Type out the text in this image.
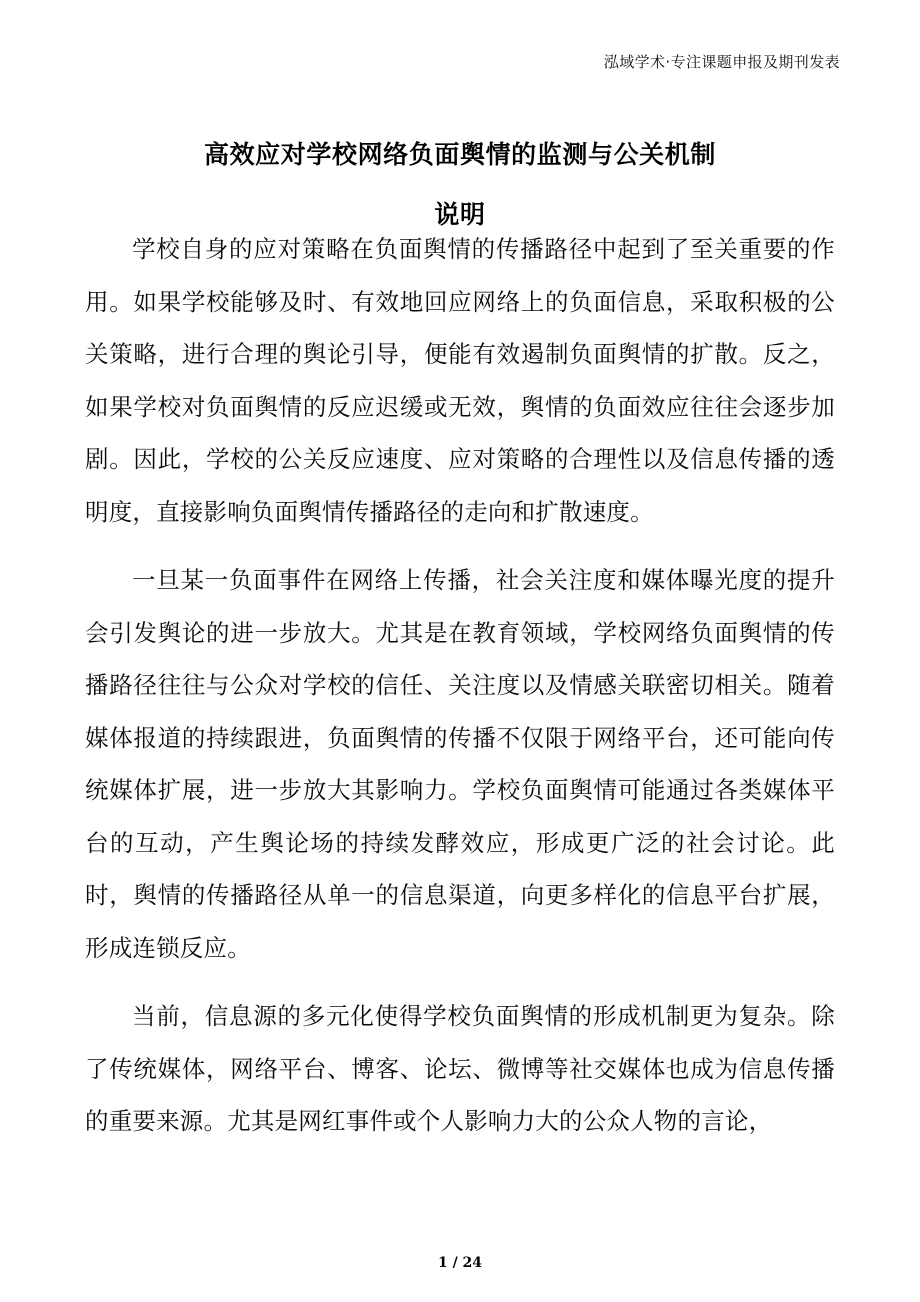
泓域学术·专注课题申报及期刊发表
高效应对学校网络负面舆情的监测与公关机制
说明

学校自身的应对策略在负面舆情的传播路径中起到了至关重要的作用。如果学校能够及时、有效地回应网络上的负面信息，采取积极的公关策略，进行合理的舆论引导，便能有效遏制负面舆情的扩散。反之，如果学校对负面舆情的反应迟缓或无效，舆情的负面效应往往会逐步加剧。因此，学校的公关反应速度、应对策略的合理性以及信息传播的透明度，直接影响负面舆情传播路径的走向和扩散速度。

一旦某一负面事件在网络上传播，社会关注度和媒体曝光度的提升会引发舆论的进一步放大。尤其是在教育领域，学校网络负面舆情的传播路径往往与公众对学校的信任、关注度以及情感关联密切相关。随着媒体报道的持续跟进，负面舆情的传播不仅限于网络平台，还可能向传统媒体扩展，进一步放大其影响力。学校负面舆情可能通过各类媒体平台的互动，产生舆论场的持续发酵效应，形成更广泛的社会讨论。此时，舆情的传播路径从单一的信息渠道，向更多样化的信息平台扩展，形成连锁反应。

当前，信息源的多元化使得学校负面舆情的形成机制更为复杂。除了传统媒体，网络平台、博客、论坛、微博等社交媒体也成为信息传播的重要来源。尤其是网红事件或个人影响力大的公众人物的言论，

1 / 24
